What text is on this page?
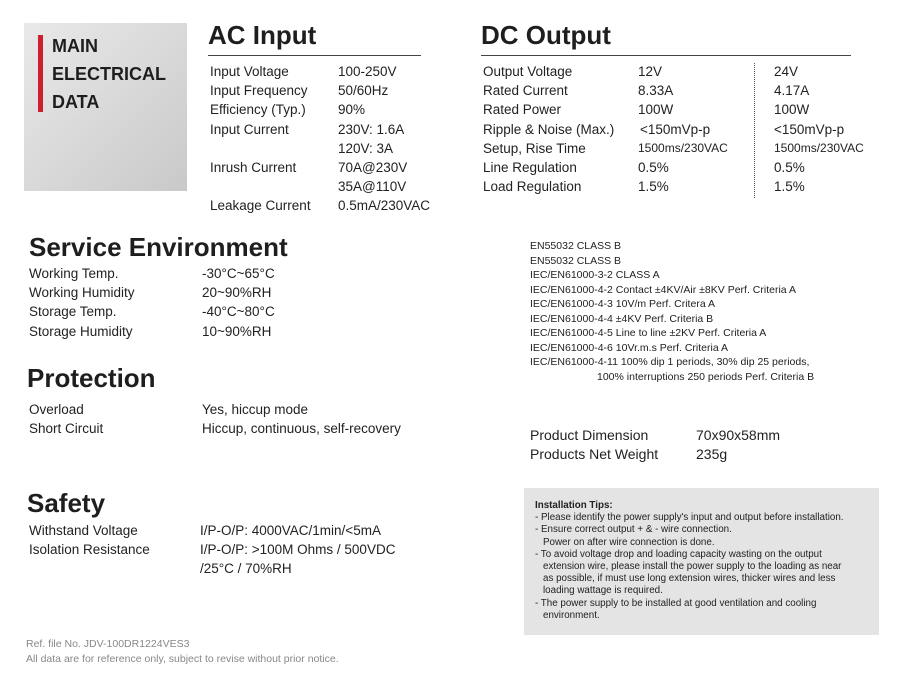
MAIN
ELECTRICAL
DATA
AC Input
Input Voltage	100-250V
Input Frequency 50/60Hz
Efficiency (Typ.) 90%
Input Current	230V: 1.6A
120V: 3A
Inrush Current	70A@230V
35A@110V
Leakage Current 0.5mA/230VAC
DC Output
Output Voltage	12V	24V
Rated Current	8.33A	4.17A
Rated Power	100W	100W
Ripple & Noise (Max.) <150mVp-p	<150mVp-p
Setup, Rise Time	1500ms/230VAC	1500ms/230VAC
Line Regulation	0.5%	0.5%
Load Regulation	1.5%	1.5%
Service Environment
Working Temp.	-30°C~65°C
Working Humidity	20~90%RH
Storage Temp.	-40°C~80°C
Storage Humidity	10~90%RH
Protection
Overload	Yes, hiccup mode
Short Circuit	Hiccup, continuous, self-recovery
Safety
Withstand Voltage	I/P-O/P: 4000VAC/1min/<5mA
Isolation Resistance	I/P-O/P: >100M Ohms / 500VDC
/25°C / 70%RH
EN55032 CLASS B
EN55032 CLASS B
IEC/EN61000-3-2 CLASS A
IEC/EN61000-4-2 Contact ±4KV/Air ±8KV Perf. Criteria A
IEC/EN61000-4-3 10V/m Perf. Critera A
IEC/EN61000-4-4 ±4KV Perf. Criteria B
IEC/EN61000-4-5 Line to line ±2KV Perf. Criteria A
IEC/EN61000-4-6 10Vr.m.s Perf. Criteria A
IEC/EN61000-4-11 100% dip 1 periods, 30% dip 25 periods,
100% interruptions 250 periods Perf. Criteria B
Product Dimension	70x90x58mm
Products Net Weight	235g
Installation Tips:
- Please identify the power supply's input and output before installation.
- Ensure correct output + & - wire connection.
Power on after wire connection is done.
- To avoid voltage drop and loading capacity wasting on the output
extension wire, please install the power supply to the loading as near
as possible, if must use long extension wires, thicker wires and less
loading wattage is required.
- The power supply to be installed at good ventilation and cooling
environment.
Ref. file No. JDV-100DR1224VES3
All data are for reference only, subject to revise without prior notice.
